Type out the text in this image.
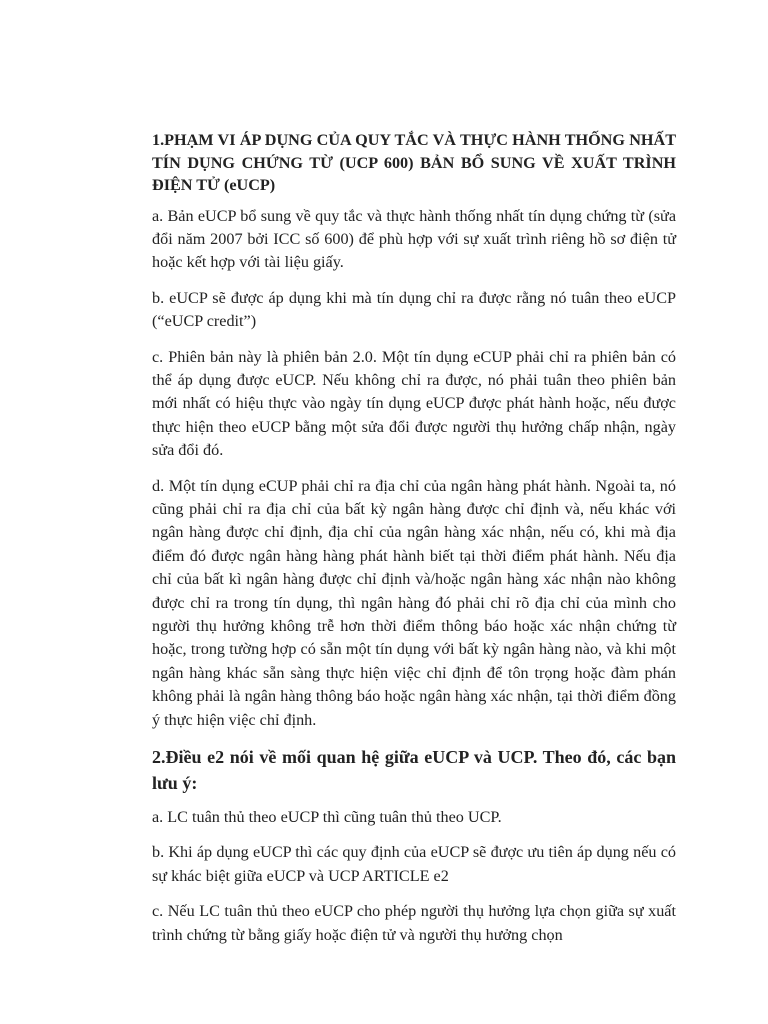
1.PHẠM VI ÁP DỤNG CỦA QUY TẮC VÀ THỰC HÀNH THỐNG NHẤT TÍN DỤNG CHỨNG TỪ (UCP 600) BẢN BỔ SUNG VỀ XUẤT TRÌNH ĐIỆN TỬ (eUCP)

a. Bản eUCP bổ sung về quy tắc và thực hành thống nhất tín dụng chứng từ (sửa đổi năm 2007 bởi ICC số 600) để phù hợp với sự xuất trình riêng hồ sơ điện tử hoặc kết hợp với tài liệu giấy.

b. eUCP sẽ được áp dụng khi mà tín dụng chỉ ra được rằng nó tuân theo eUCP (“eUCP credit”)

c. Phiên bản này là phiên bản 2.0. Một tín dụng eCUP phải chỉ ra phiên bản có thể áp dụng được eUCP. Nếu không chỉ ra được, nó phải tuân theo phiên bản mới nhất có hiệu thực vào ngày tín dụng eUCP được phát hành hoặc, nếu được thực hiện theo eUCP bằng một sửa đổi được người thụ hưởng chấp nhận, ngày sửa đổi đó.

d. Một tín dụng eCUP phải chỉ ra địa chỉ của ngân hàng phát hành. Ngoài ta, nó cũng phải chỉ ra địa chỉ của bất kỳ ngân hàng được chỉ định và, nếu khác với ngân hàng được chỉ định, địa chỉ của ngân hàng xác nhận, nếu có, khi mà địa điểm đó được ngân hàng hàng phát hành biết tại thời điểm phát hành. Nếu địa chỉ của bất kì ngân hàng được chỉ định và/hoặc ngân hàng xác nhận nào không được chỉ ra trong tín dụng, thì ngân hàng đó phải chỉ rõ địa chỉ của mình cho người thụ hưởng không trễ hơn thời điểm thông báo hoặc xác nhận chứng từ hoặc, trong tường hợp có sẵn một tín dụng với bất kỳ ngân hàng nào, và khi một ngân hàng khác sẵn sàng thực hiện việc chỉ định để tôn trọng hoặc đàm phán không phải là ngân hàng thông báo hoặc ngân hàng xác nhận, tại thời điểm đồng ý thực hiện việc chỉ định.

2.Điều e2 nói về mối quan hệ giữa eUCP và UCP. Theo đó, các bạn lưu ý:

a. LC tuân thủ theo eUCP thì cũng tuân thủ theo UCP.

b. Khi áp dụng eUCP thì các quy định của eUCP sẽ được ưu tiên áp dụng nếu có sự khác biệt giữa eUCP và UCP ARTICLE e2

c. Nếu LC tuân thủ theo eUCP cho phép người thụ hưởng lựa chọn giữa sự xuất trình chứng từ bằng giấy hoặc điện tử và người thụ hưởng chọn
